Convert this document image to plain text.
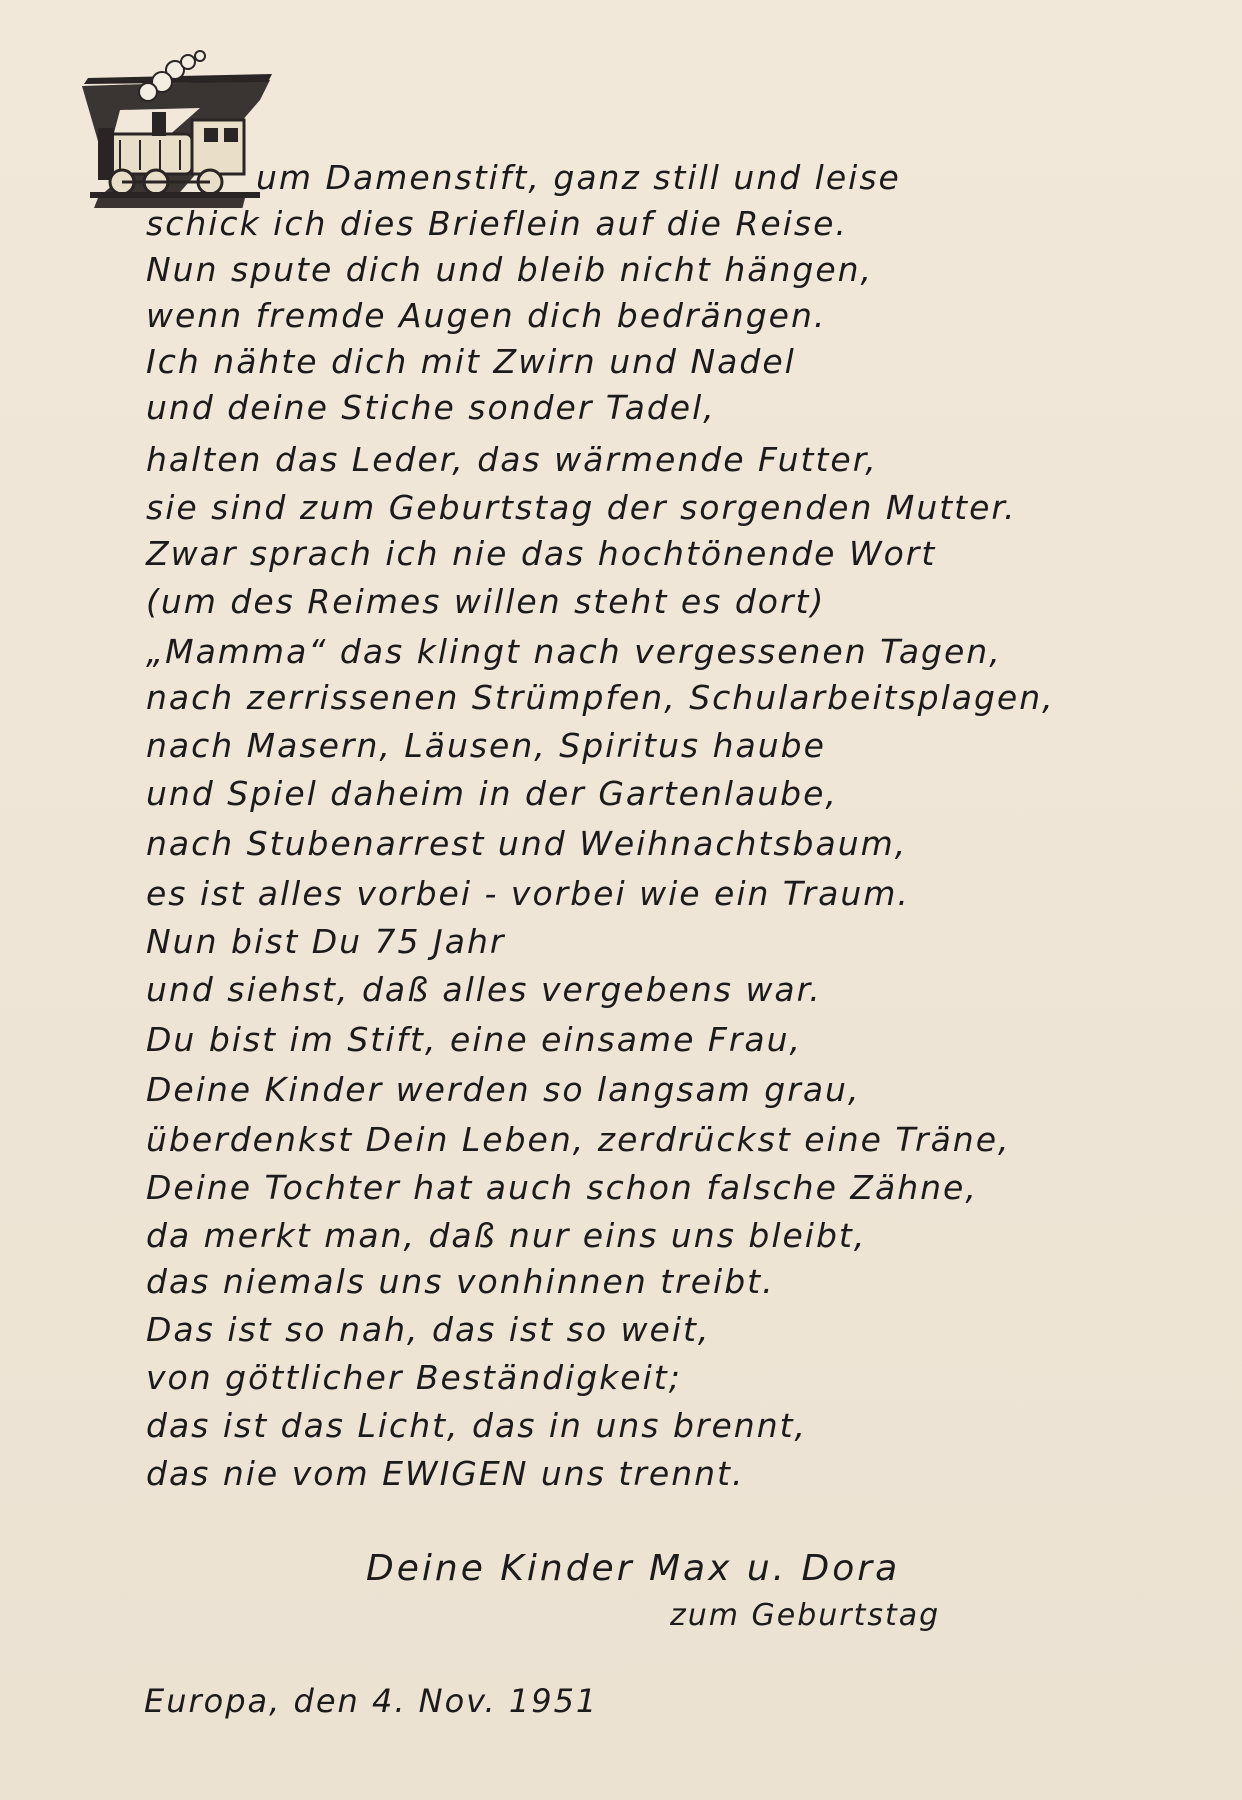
um Damenstift, ganz still und leise
schick ich dies Brieflein auf die Reise.
Nun spute dich und bleib nicht hängen,
wenn fremde Augen dich bedrängen.
Ich nähte dich mit Zwirn und Nadel
und deine Stiche sonder Tadel,
halten das Leder, das wärmende Futter,
sie sind zum Geburtstag der sorgenden Mutter.
Zwar sprach ich nie das hochtönende Wort
(um des Reimes willen steht es dort)
„Mamma“ das klingt nach vergessenen Tagen,
nach zerrissenen Strümpfen, Schularbeitsplagen,
nach Masern, Läusen, Spiritus haube
und Spiel daheim in der Gartenlaube,
nach Stubenarrest und Weihnachtsbaum,
es ist alles vorbei - vorbei wie ein Traum.
Nun bist Du 75 Jahr
und siehst, daß alles vergebens war.
Du bist im Stift, eine einsame Frau,
Deine Kinder werden so langsam grau,
überdenkst Dein Leben, zerdrückst eine Träne,
Deine Tochter hat auch schon falsche Zähne,
da merkt man, daß nur eins uns bleibt,
das niemals uns vonhinnen treibt.
Das ist so nah, das ist so weit,
von göttlicher Beständigkeit;
das ist das Licht, das in uns brennt,
das nie vom EWIGEN uns trennt.
Deine Kinder Max u. Dora
zum Geburtstag
Europa, den 4. Nov. 1951
